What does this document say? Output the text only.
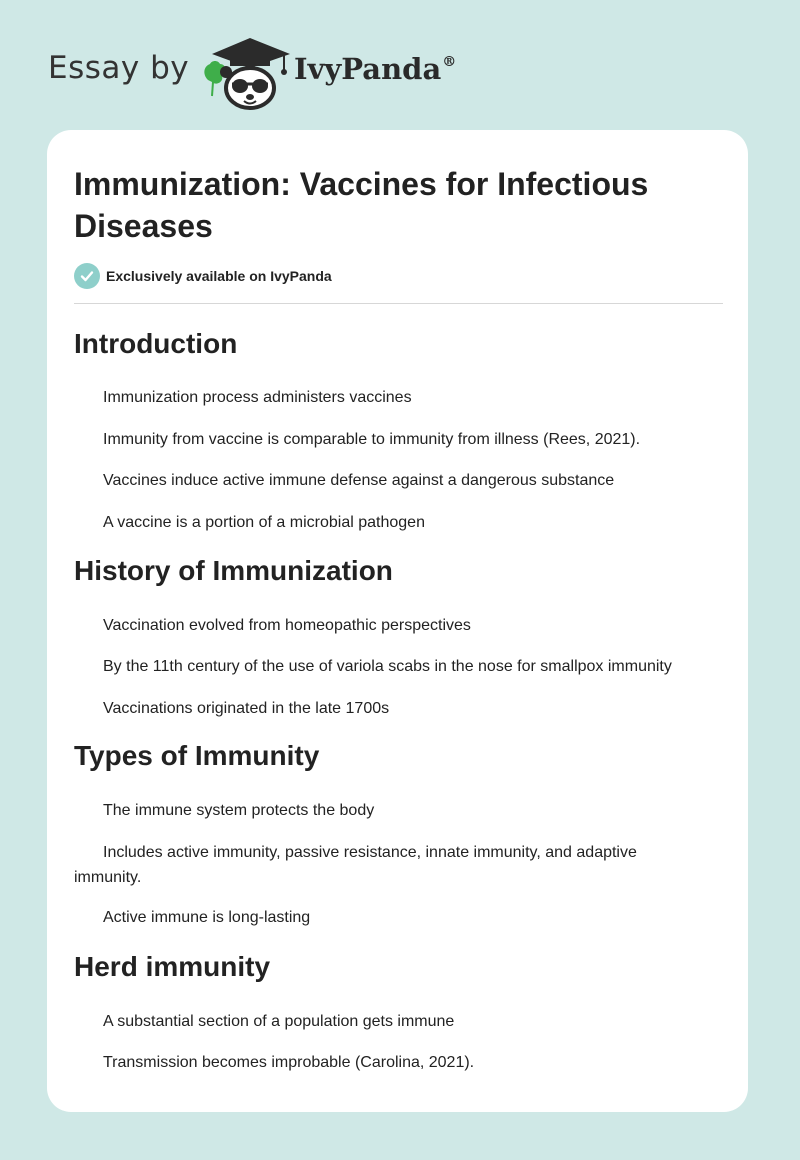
Essay by	IvyPanda®
Immunization: Vaccines for Infectious Diseases
Exclusively available on IvyPanda
Introduction

Immunization process administers vaccines

Immunity from vaccine is comparable to immunity from illness (Rees, 2021).

Vaccines induce active immune defense against a dangerous substance

A vaccine is a portion of a microbial pathogen

History of Immunization

Vaccination evolved from homeopathic perspectives

By the 11th century of the use of variola scabs in the nose for smallpox immunity

Vaccinations originated in the late 1700s

Types of Immunity

The immune system protects the body

Includes active immunity, passive resistance, innate immunity, and adaptive immunity.

Active immune is long-lasting

Herd immunity

A substantial section of a population gets immune

Transmission becomes improbable (Carolina, 2021).
